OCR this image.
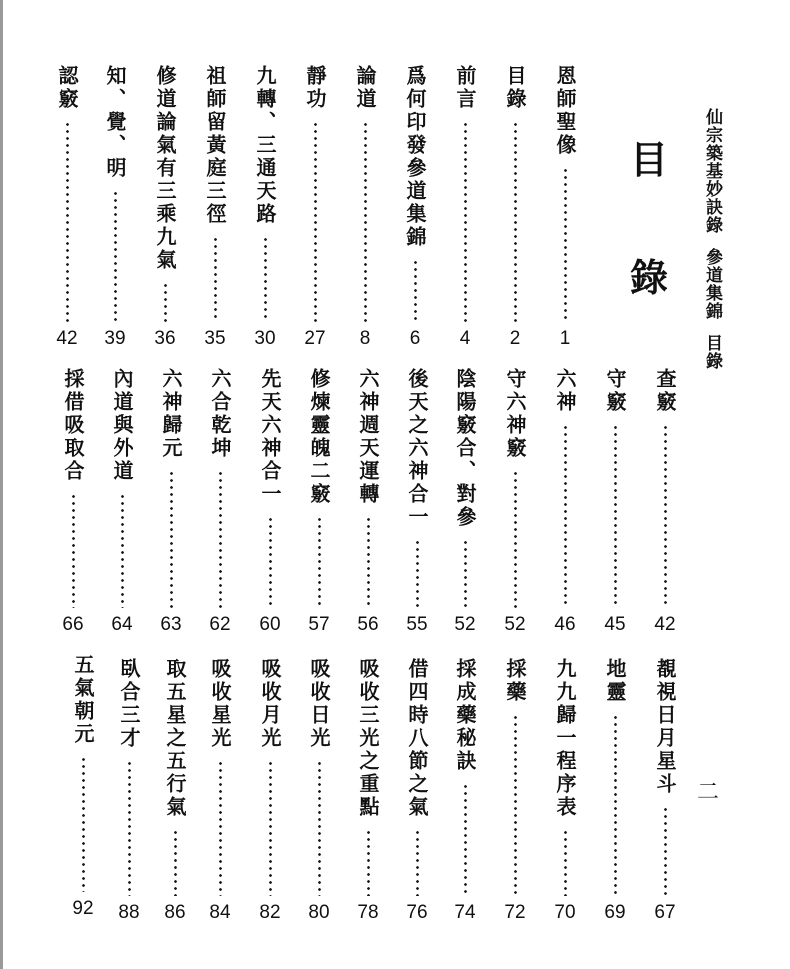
仙宗築基妙訣錄參道集錦目錄
目
錄
二
恩師聖像
1
目錄
2
前言
4
爲何印發參道集錦
6
論道
8
靜功
27
九轉、三通天路
30
祖師留黃庭三徑
35
修道論氣有三乘九氣
36
知、覺、明
39
認竅
42
查竅
42
守竅
45
六神
46
守六神竅
52
陰陽竅合、對參
52
後天之六神合一
55
六神週天運轉
56
修煉靈魄二竅
57
先天六神合一
60
六合乾坤
62
六神歸元
63
內道與外道
64
採借吸取合
66
覩視日月星斗
67
地靈
69
九九歸一程序表
70
採藥
72
採成藥秘訣
74
借四時八節之氣
76
吸收三光之重點
78
吸收日光
80
吸收月光
82
吸收星光
84
取五星之五行氣
86
臥合三才
88
五氣朝元
92
